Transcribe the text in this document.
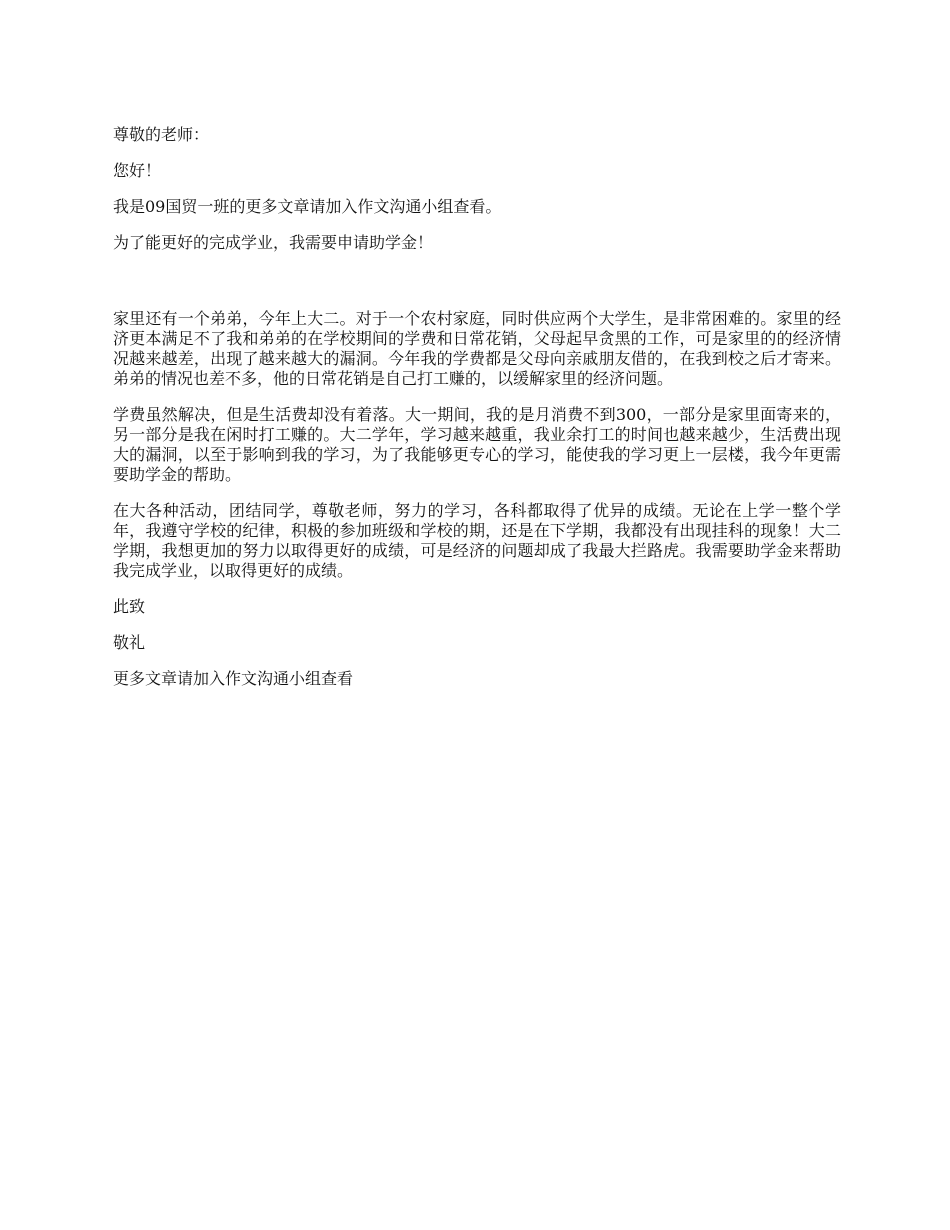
尊敬的老师：

您好！

我是09国贸一班的更多文章请加入作文沟通小组查看。

为了能更好的完成学业，我需要申请助学金！

家里还有一个弟弟，今年上大二。对于一个农村家庭，同时供应两个大学生，是非常困难的。家里的经济更本满足不了我和弟弟的在学校期间的学费和日常花销，父母起早贪黑的工作，可是家里的的经济情况越来越差，出现了越来越大的漏洞。今年我的学费都是父母向亲戚朋友借的，在我到校之后才寄来。弟弟的情况也差不多，他的日常花销是自己打工赚的，以缓解家里的经济问题。

学费虽然解决，但是生活费却没有着落。大一期间，我的是月消费不到300，一部分是家里面寄来的，另一部分是我在闲时打工赚的。大二学年，学习越来越重，我业余打工的时间也越来越少，生活费出现大的漏洞，以至于影响到我的学习，为了我能够更专心的学习，能使我的学习更上一层楼，我今年更需要助学金的帮助。

在大各种活动，团结同学，尊敬老师，努力的学习，各科都取得了优异的成绩。无论在上学一整个学年，我遵守学校的纪律，积极的参加班级和学校的期，还是在下学期，我都没有出现挂科的现象！大二学期，我想更加的努力以取得更好的成绩，可是经济的问题却成了我最大拦路虎。我需要助学金来帮助我完成学业，以取得更好的成绩。

此致

敬礼

更多文章请加入作文沟通小组查看
